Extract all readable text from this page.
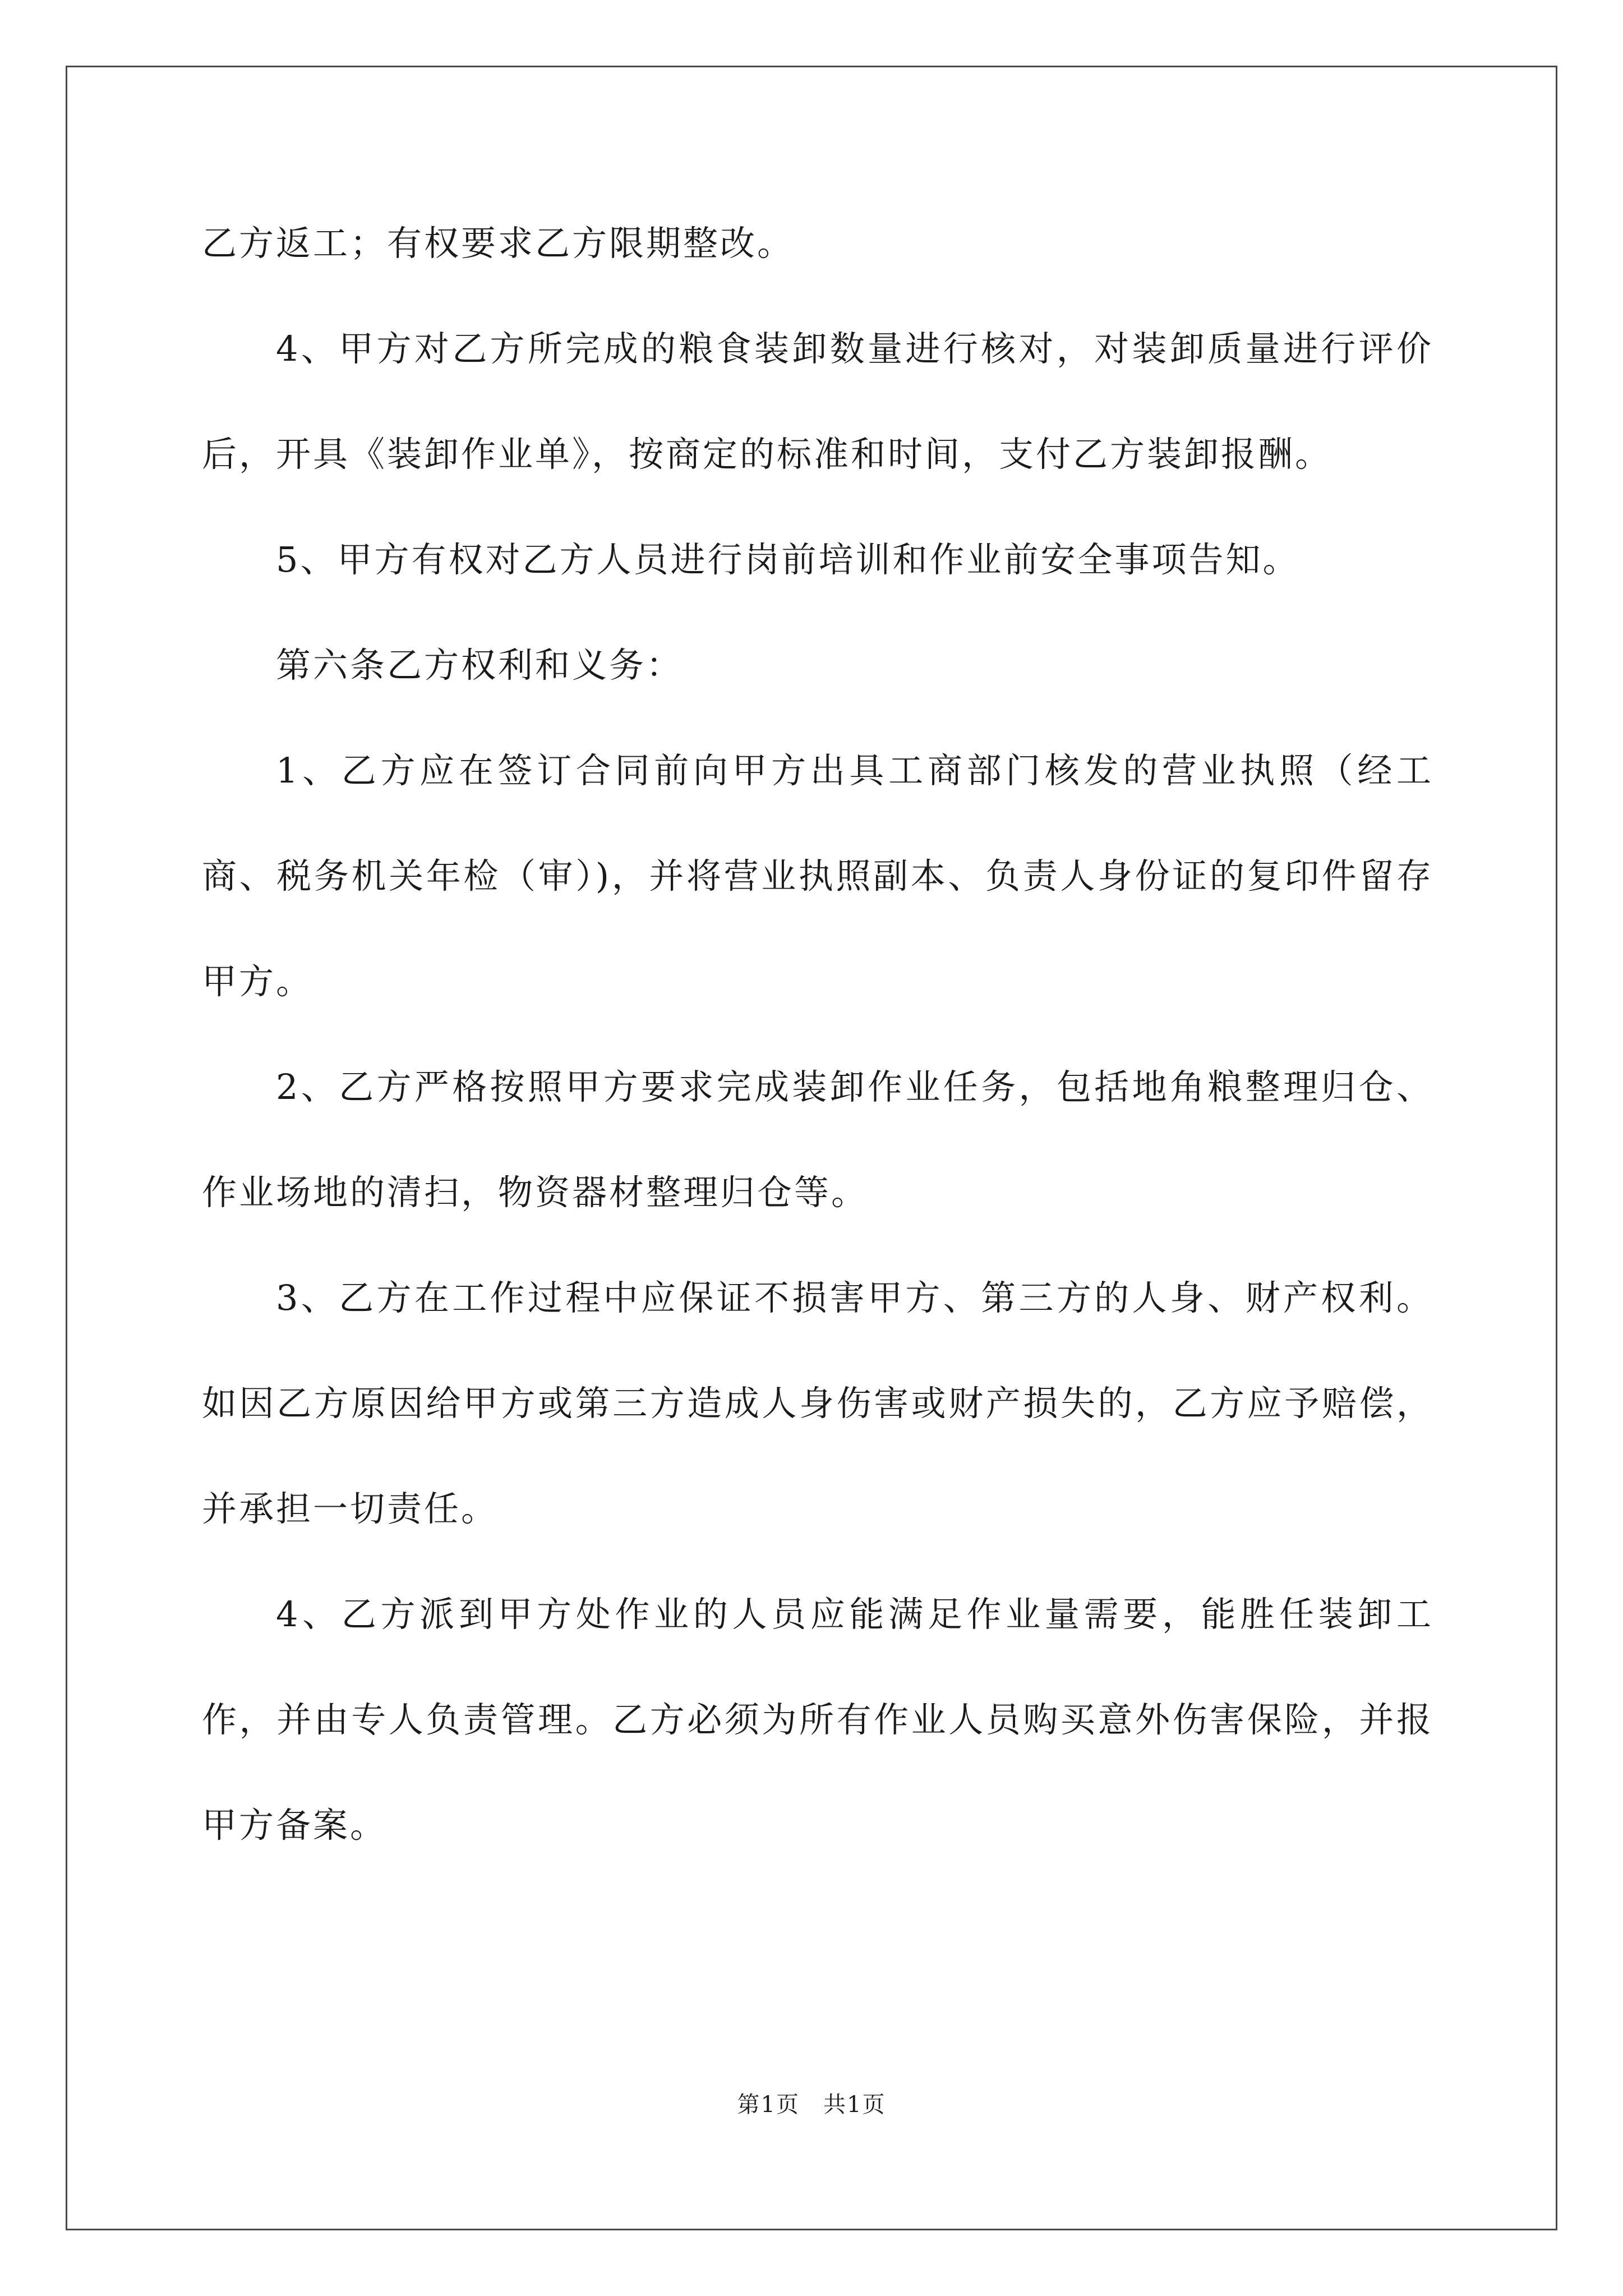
乙方返工；有权要求乙方限期整改。

4、甲方对乙方所完成的粮食装卸数量进行核对，对装卸质量进行评价后，开具《装卸作业单》，按商定的标准和时间，支付乙方装卸报酬。

5、甲方有权对乙方人员进行岗前培训和作业前安全事项告知。

第六条乙方权利和义务：

1、乙方应在签订合同前向甲方出具工商部门核发的营业执照（经工商、税务机关年检（审）)，并将营业执照副本、负责人身份证的复印件留存甲方。

2、乙方严格按照甲方要求完成装卸作业任务，包括地角粮整理归仓、作业场地的清扫，物资器材整理归仓等。

3、乙方在工作过程中应保证不损害甲方、第三方的人身、财产权利。如因乙方原因给甲方或第三方造成人身伤害或财产损失的，乙方应予赔偿，并承担一切责任。

4、乙方派到甲方处作业的人员应能满足作业量需要，能胜任装卸工作，并由专人负责管理。乙方必须为所有作业人员购买意外伤害保险，并报甲方备案。

第1页　共1页
